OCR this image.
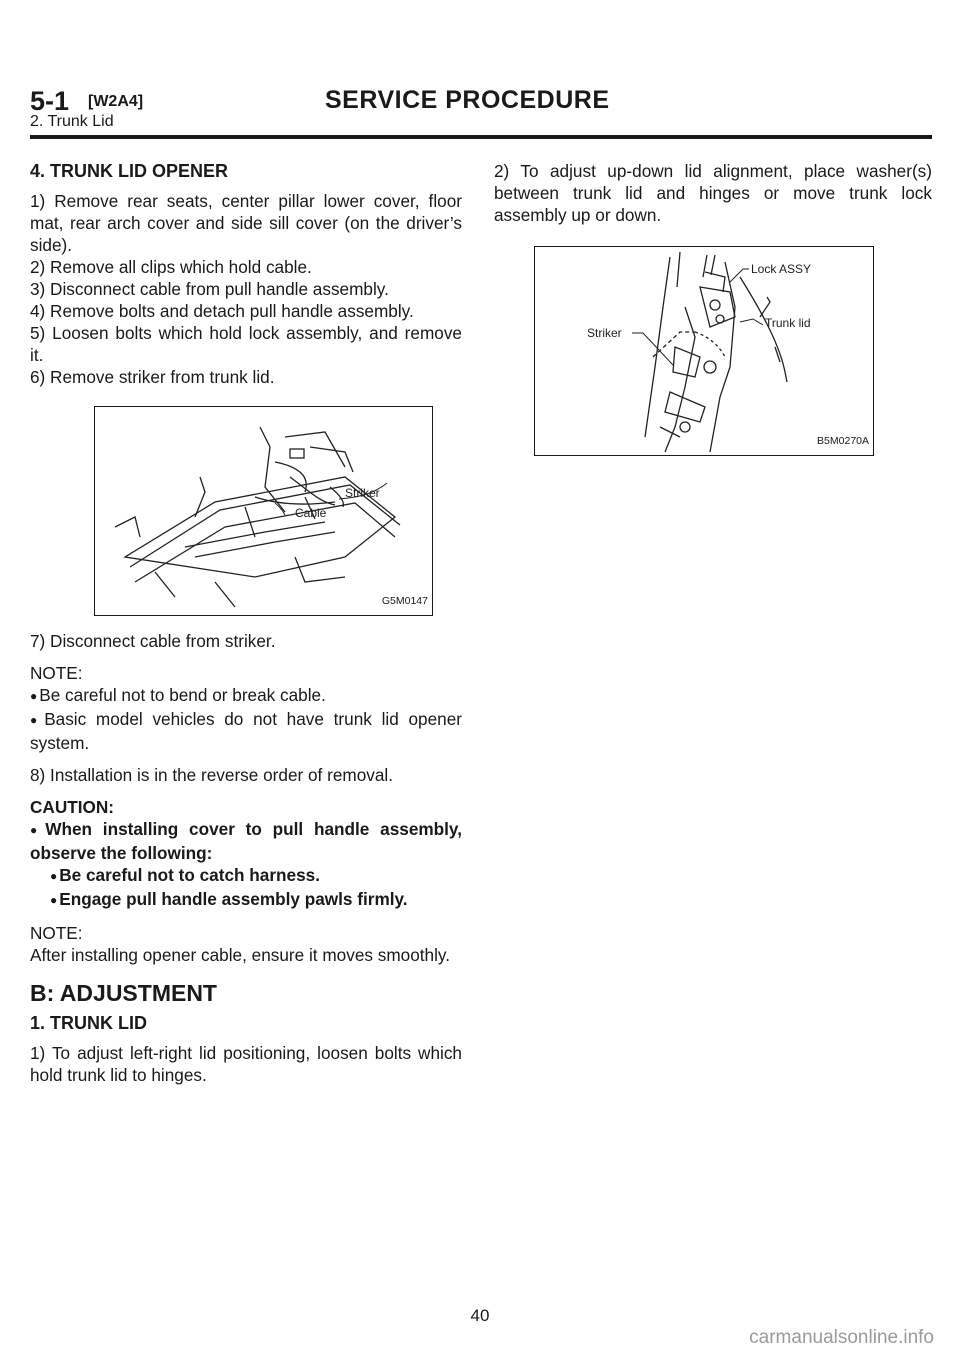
5-1 [W2A4]	SERVICE PROCEDURE
2. Trunk Lid

4. TRUNK LID OPENER

1) Remove rear seats, center pillar lower cover, floor mat, rear arch cover and side sill cover (on the driver’s side).

2) Remove all clips which hold cable.

3) Disconnect cable from pull handle assembly.

4) Remove bolts and detach pull handle assembly.

5) Loosen bolts which hold lock assembly, and remove it.

6) Remove striker from trunk lid.

Striker
Cable
G5M0147

7) Disconnect cable from striker.

NOTE:

● Be careful not to bend or break cable.

● Basic model vehicles do not have trunk lid opener system.

8) Installation is in the reverse order of removal.

CAUTION:

● When installing cover to pull handle assembly, observe the following:

● Be careful not to catch harness.

● Engage pull handle assembly pawls firmly.

NOTE:

After installing opener cable, ensure it moves smoothly.

B: ADJUSTMENT

1. TRUNK LID

1) To adjust left-right lid positioning, loosen bolts which hold trunk lid to hinges.

2) To adjust up-down lid alignment, place washer(s) between trunk lid and hinges or move trunk lock assembly up or down.

Lock ASSY
Trunk lid
Striker
B5M0270A
40
carmanualsonline.info
